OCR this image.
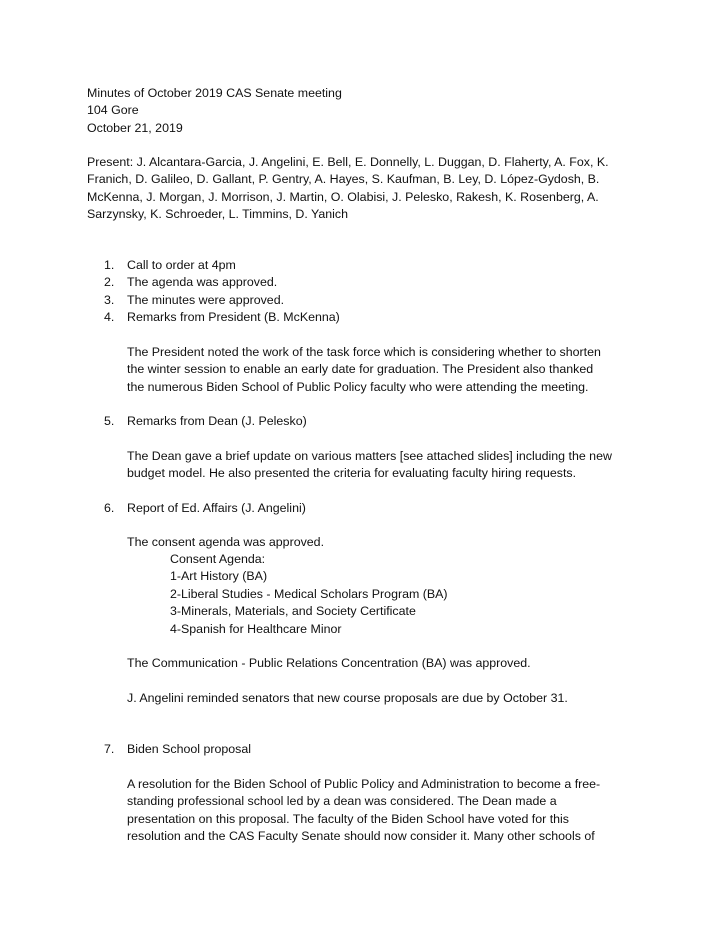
Minutes of October 2019 CAS Senate meeting
104 Gore
October 21, 2019
Present: J. Alcantara-Garcia, J. Angelini, E. Bell, E. Donnelly, L. Duggan, D. Flaherty, A. Fox, K.
Franich, D. Galileo, D. Gallant, P. Gentry, A. Hayes, S. Kaufman, B. Ley, D. López-Gydosh, B.
McKenna, J. Morgan, J. Morrison, J. Martin, O. Olabisi, J. Pelesko, Rakesh, K. Rosenberg, A.
Sarzynsky, K. Schroeder, L. Timmins, D. Yanich
1. Call to order at 4pm
2. The agenda was approved.
3. The minutes were approved.
4. Remarks from President (B. McKenna)
The President noted the work of the task force which is considering whether to shorten
the winter session to enable an early date for graduation. The President also thanked
the numerous Biden School of Public Policy faculty who were attending the meeting.
5. Remarks from Dean (J. Pelesko)
The Dean gave a brief update on various matters [see attached slides] including the new
budget model. He also presented the criteria for evaluating faculty hiring requests.
6. Report of Ed. Affairs (J. Angelini)
The consent agenda was approved.
Consent Agenda:
1-Art History (BA)
2-Liberal Studies - Medical Scholars Program (BA)
3-Minerals, Materials, and Society Certificate
4-Spanish for Healthcare Minor
The Communication - Public Relations Concentration (BA) was approved.
J. Angelini reminded senators that new course proposals are due by October 31.
7. Biden School proposal
A resolution for the Biden School of Public Policy and Administration to become a free-
standing professional school led by a dean was considered. The Dean made a
presentation on this proposal. The faculty of the Biden School have voted for this
resolution and the CAS Faculty Senate should now consider it. Many other schools of
